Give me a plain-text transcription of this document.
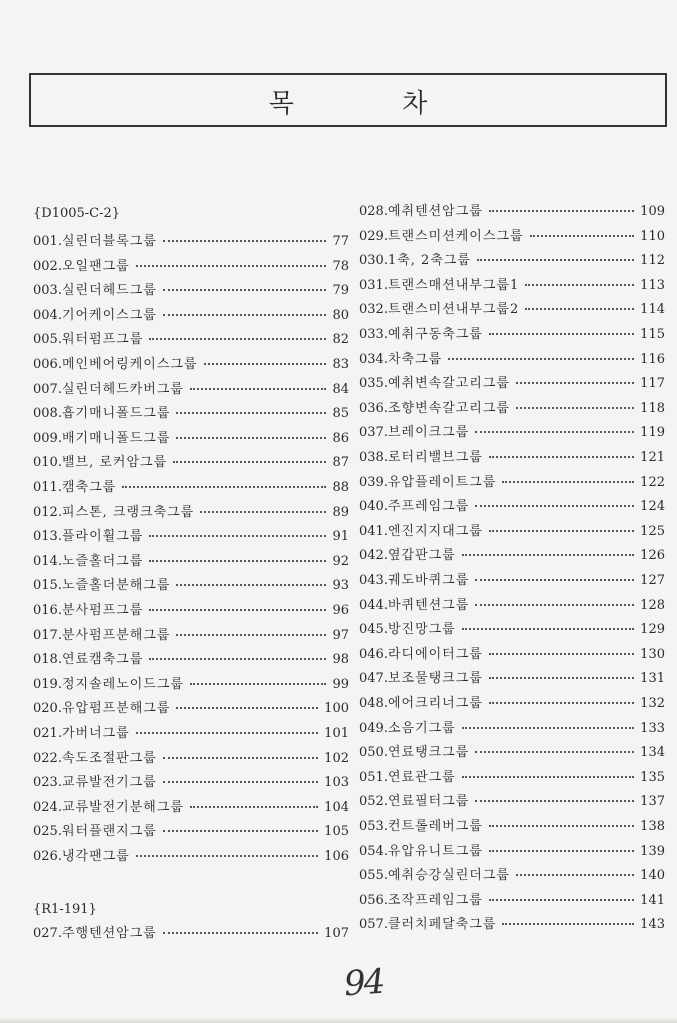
목 차
{D1005-C-2}
001. 실린더블록그룹	77
002. 오일팬그룹	78
003. 실린더헤드그룹	79
004. 기어케이스그룹	80
005. 워터펌프그룹	82
006. 메인베어링케이스그룹	83
007. 실린더헤드카버그룹	84
008. 흡기매니폴드그룹	85
009. 배기매니폴드그룹	86
010. 밸브, 로커암그룹	87
011. 캠축그룹	88
012. 피스톤, 크랭크축그룹	89
013. 플라이휠그룹	91
014. 노즐홀더그룹	92
015. 노즐홀더분해그룹	93
016. 분사펌프그룹	96
017. 분사펌프분해그룹	97
018. 연료캠축그룹	98
019. 정지솔레노이드그룹	99
020. 유압펌프분해그룹	100
021. 가버너그룹	101
022. 속도조절판그룹	102
023. 교류발전기그룹	103
024. 교류발전기분해그룹	104
025. 워터플랜지그룹	105
026. 냉각팬그룹	106
{R1-191}
027. 주행텐션암그룹	107
028. 예취텐션암그룹	109
029. 트랜스미션케이스그룹	110
030. 1축, 2축그룹	112
031. 트랜스매션내부그룹1	113
032. 트랜스미션내부그룹2	114
033. 예취구동축그룹	115
034. 차축그룹	116
035. 예취변속갈고리그룹	117
036. 조향변속갈고리그룹	118
037. 브레이크그룹	119
038. 로터리밸브그룹	121
039. 유압플레이트그룹	122
040. 주프레임그룹	124
041. 엔진지지대그룹	125
042. 옆갑판그룹	126
043. 궤도바퀴그룹	127
044. 바퀴텐션그룹	128
045. 방진망그룹	129
046. 라디에이터그룹	130
047. 보조물탱크그룹	131
048. 에어크리너그룹	132
049. 소음기그룹	133
050. 연료탱크그룹	134
051. 연료관그룹	135
052. 연료필터그룹	137
053. 컨트롤레버그룹	138
054. 유압유니트그룹	139
055. 예취승강실린더그룹	140
056. 조작프레임그룹	141
057. 클러치페달축그룹	143
94
